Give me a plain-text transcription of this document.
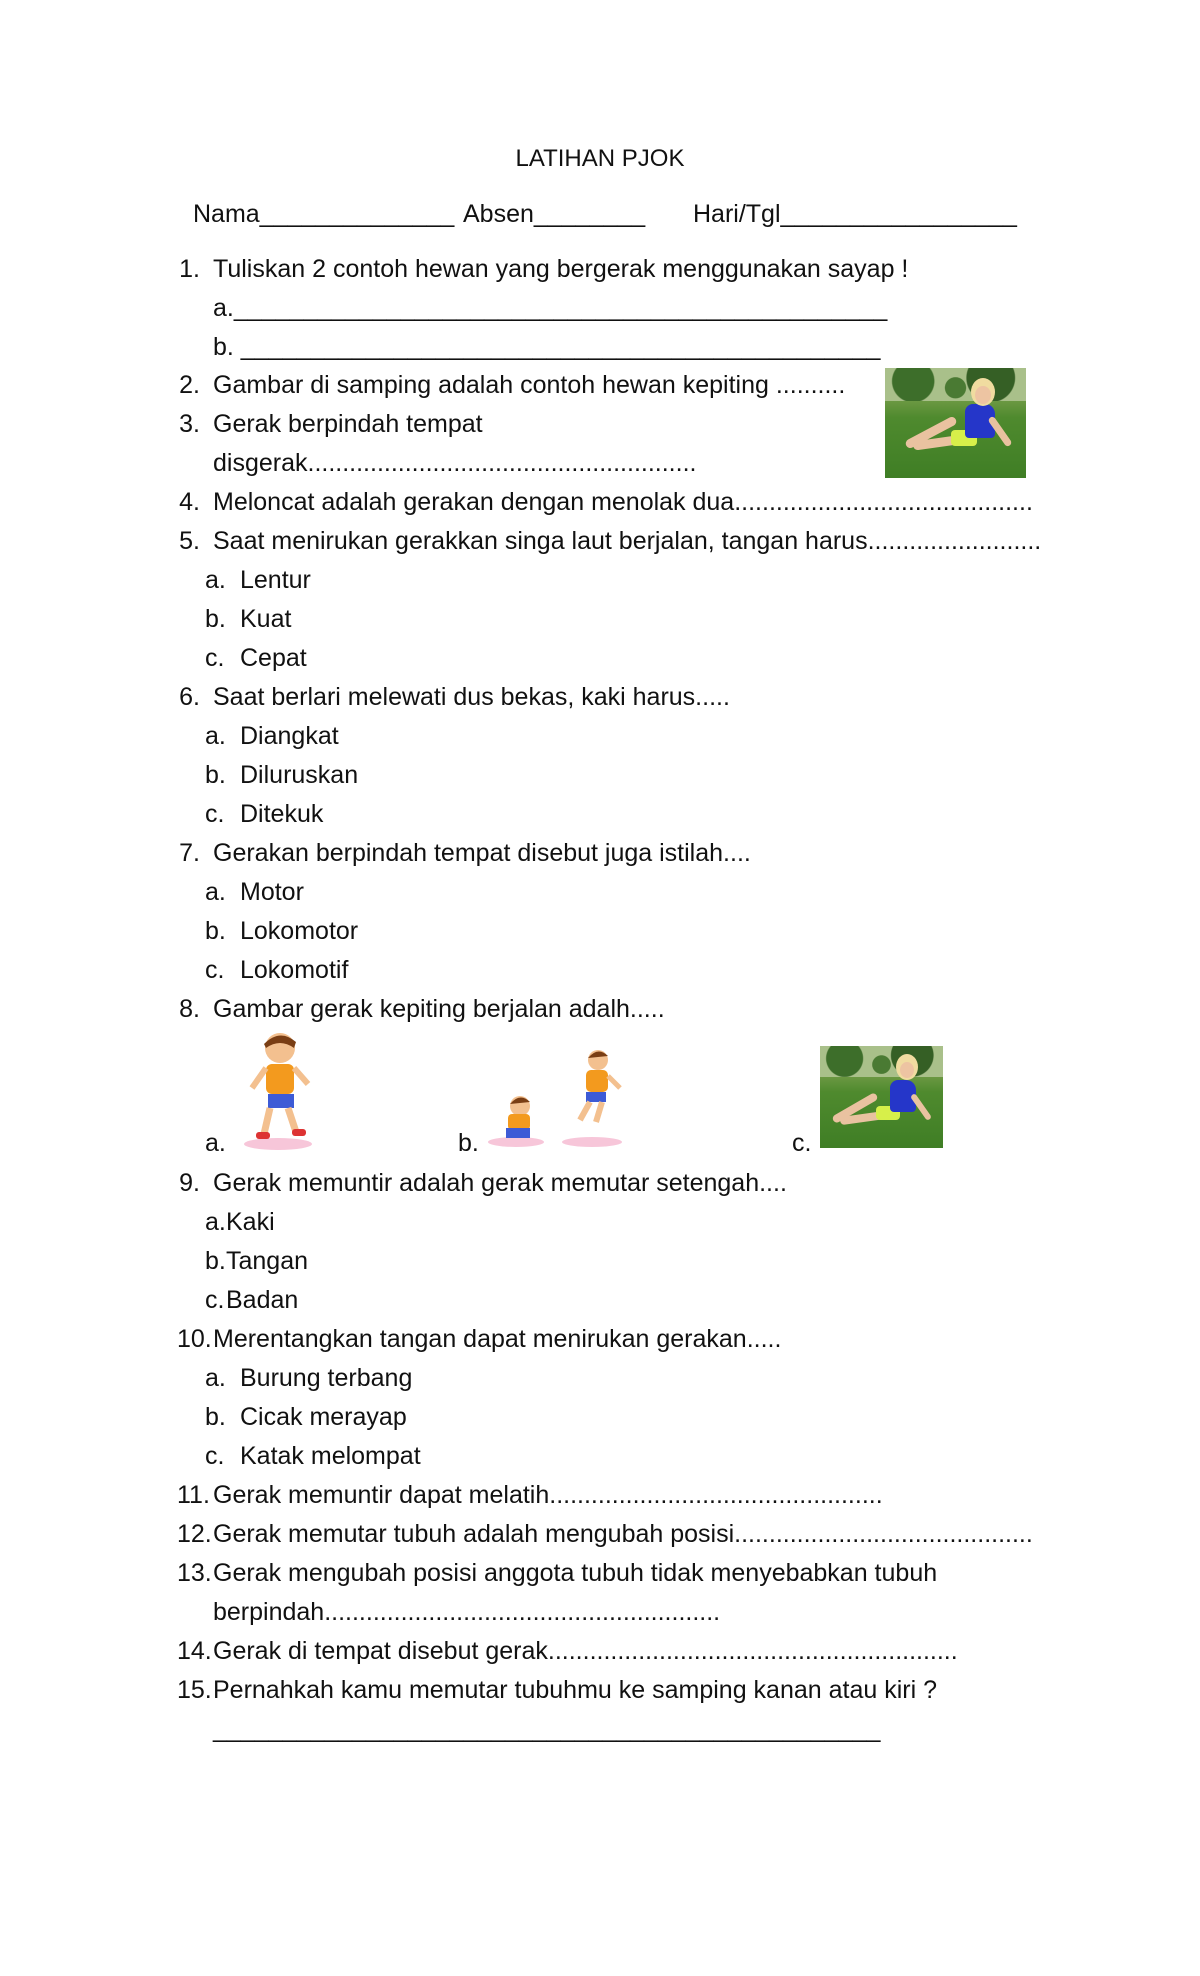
LATIHAN PJOK
Nama______________ Absen________ Hari/Tgl_________________
1. Tuliskan 2 contoh hewan yang bergerak menggunakan sayap !
a._______________________________________________
b. ______________________________________________
2. Gambar di samping adalah contoh hewan kepiting ..........
3. Gerak berpindah tempat
disgerak........................................................
4. Meloncat adalah gerakan dengan menolak dua...........................................
5. Saat menirukan gerakkan singa laut berjalan, tangan harus.........................
a. Lentur
b. Kuat
c. Cepat
6. Saat berlari melewati dus bekas, kaki harus.....
a. Diangkat
b. Diluruskan
c. Ditekuk
7. Gerakan berpindah tempat disebut juga istilah....
a. Motor
b. Lokomotor
c. Lokomotif
8. Gambar gerak kepiting berjalan adalh.....
a.	b.	c.
9. Gerak memuntir adalah gerak memutar setengah....
a. Kaki
b. Tangan
c. Badan
10. Merentangkan tangan dapat menirukan gerakan.....
a. Burung terbang
b. Cicak merayap
c. Katak melompat
11. Gerak memuntir dapat melatih................................................
12. Gerak memutar tubuh adalah mengubah posisi...........................................
13. Gerak mengubah posisi anggota tubuh tidak menyebabkan tubuh
berpindah.........................................................
14. Gerak di tempat disebut gerak...........................................................
15. Pernahkah kamu memutar tubuhmu ke samping kanan atau kiri ?
________________________________________________
